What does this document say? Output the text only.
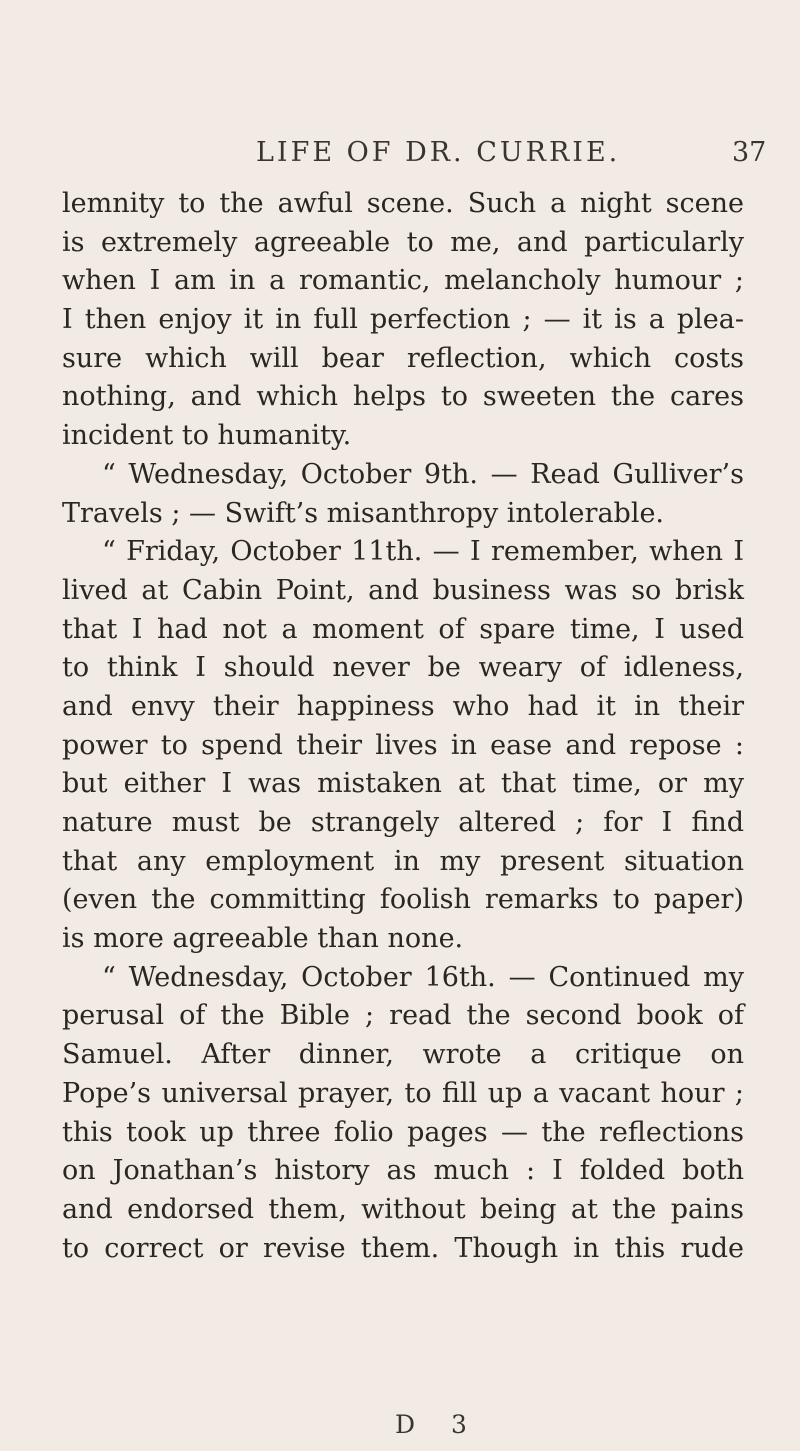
LIFE OF DR. CURRIE.	37
lemnity to the awful scene. Such a night scene
is extremely agreeable to me, and particularly
when I am in a romantic, melancholy humour ;
I then enjoy it in full perfection ; — it is a plea-
sure which will bear reflection, which costs
nothing, and which helps to sweeten the cares
incident to humanity.
“ Wednesday, October 9th. — Read Gulliver’s
Travels ; — Swift’s misanthropy intolerable.
“ Friday, October 11th. — I remember, when I
lived at Cabin Point, and business was so brisk
that I had not a moment of spare time, I used
to think I should never be weary of idleness,
and envy their happiness who had it in their
power to spend their lives in ease and repose :
but either I was mistaken at that time, or my
nature must be strangely altered ; for I find
that any employment in my present situation
(even the committing foolish remarks to paper)
is more agreeable than none.
“ Wednesday, October 16th. — Continued my
perusal of the Bible ; read the second book of
Samuel. After dinner, wrote a critique on
Pope’s universal prayer, to fill up a vacant hour ;
this took up three folio pages — the reflections
on Jonathan’s history as much : I folded both
and endorsed them, without being at the pains
to correct or revise them. Though in this rude
D 3
